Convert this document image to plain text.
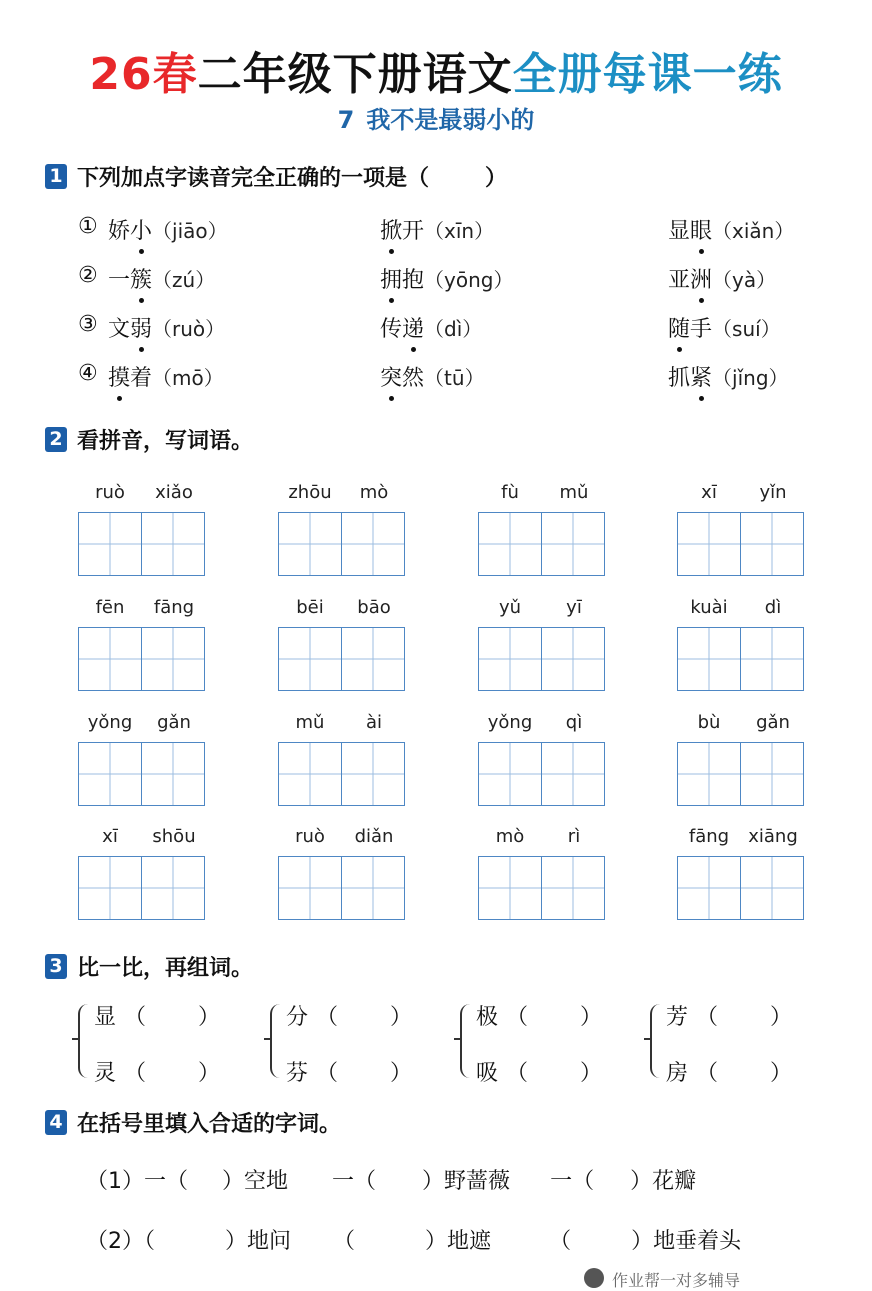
26春二年级下册语文全册每课一练
7 我不是最弱小的
1 下列加点字读音完全正确的一项是（	）
① 娇小（jiāo）	掀开（xīn）	显眼（xiǎn）
② 一簇（zú）	拥抱（yōng）	亚洲（yà）
③ 文弱（ruò）	传递（dì）	随手（suí）
④ 摸着（mō）	突然（tū）	抓紧（jǐng）
2 看拼音，写词语。
ruò	xiǎo	zhōu	mò	fù	mǔ	xī	yǐn
fēn	fāng	bēi	bāo	yǔ	yī	kuài	dì
yǒng	gǎn	mǔ	ài	yǒng	qì	bù	gǎn
xī	shōu	ruò	diǎn	mò	rì	fāng	xiāng
3 比一比，再组词。
显 （ ）
灵 （ ）
分 （ ）
芬 （ ）
极 （ ）
吸 （ ）
芳 （ ）
房 （ ）
4 在括号里填入合适的字词。
（1）一（ ）空地 一（ ）野蔷薇 一（ ）花瓣
（2）（	）地问 （	）地遮	（	）地垂着头
作业帮一对多辅导
